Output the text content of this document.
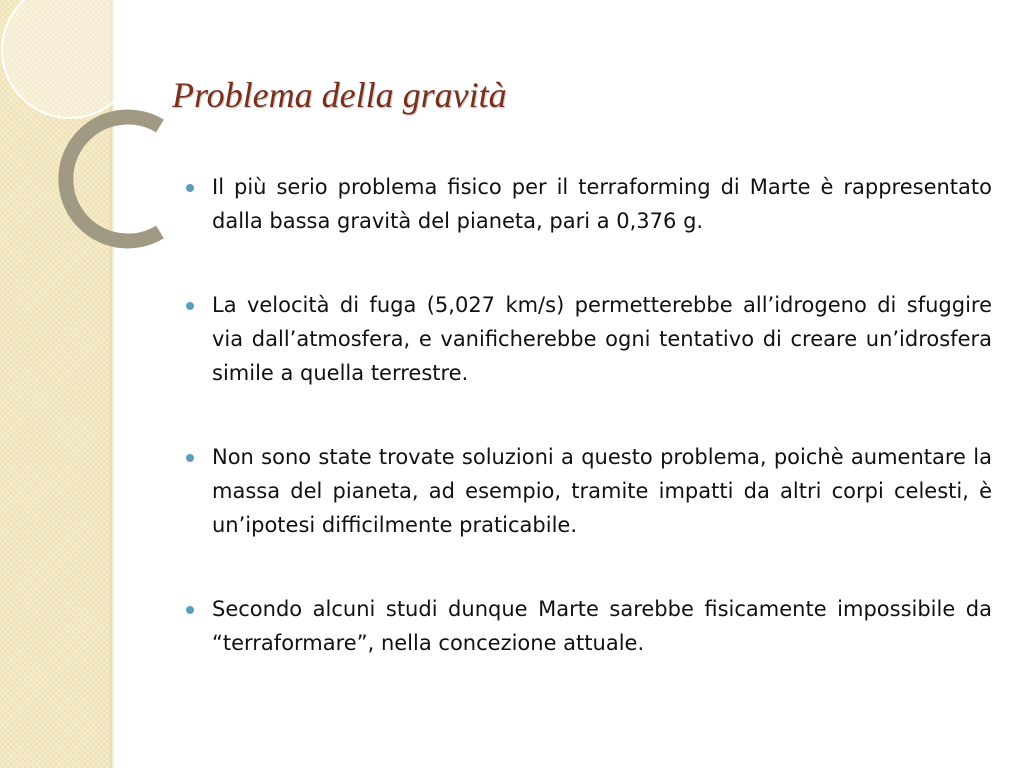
Problema della gravità
Il più serio problema fisico per il terraforming di Marte è rappresentato dalla bassa gravità del pianeta, pari a 0,376 g.
La velocità di fuga (5,027 km/s) permetterebbe all’idrogeno di sfuggire via dall’atmosfera, e vanificherebbe ogni tentativo di creare un’idrosfera simile a quella terrestre.
Non sono state trovate soluzioni a questo problema, poichè aumentare la massa del pianeta, ad esempio, tramite impatti da altri corpi celesti, è un’ipotesi difficilmente praticabile.
Secondo alcuni studi dunque Marte sarebbe fisicamente impossibile da “terraformare”, nella concezione attuale.
